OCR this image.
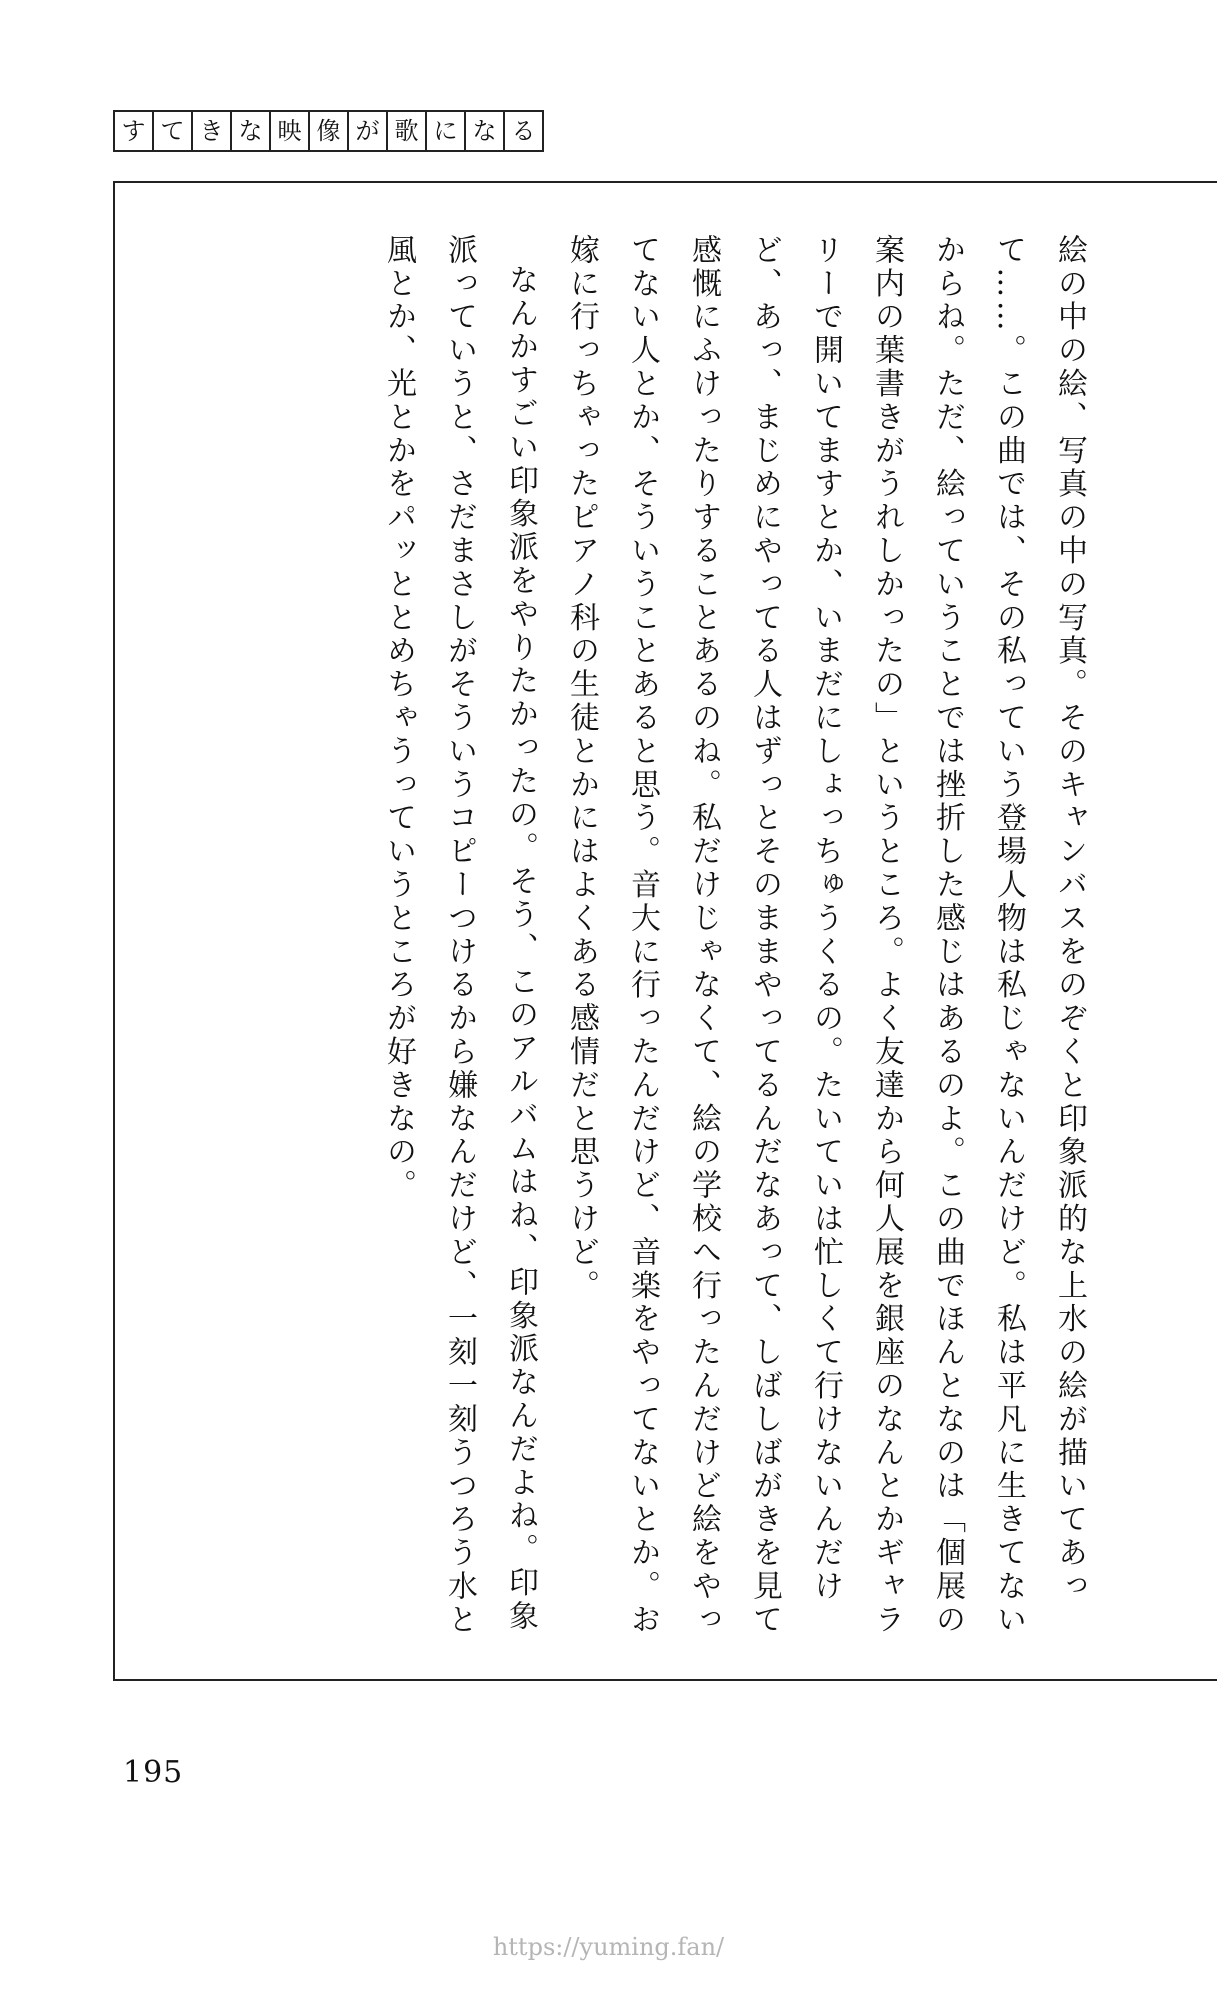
す て き な 映 像 が 歌 に な る

絵の中の絵、写真の中の写真。そのキャンバスをのぞくと印象派的な上水の絵が描いてあって……。この曲では、その私っていう登場人物は私じゃないんだけど。私は平凡に生きてないからね。ただ、絵っていうことでは挫折した感じはあるのよ。この曲でほんとなのは「個展の案内の葉書きがうれしかったの」というところ。よく友達から何人展を銀座のなんとかギャラリーで開いてますとか、いまだにしょっちゅうくるの。たいていは忙しくて行けないんだけど、あっ、まじめにやってる人はずっとそのままやってるんだなあって、しばしばがきを見て感慨にふけったりすることあるのね。私だけじゃなくて、絵の学校へ行ったんだけど絵をやってない人とか、そういうことあると思う。音大に行ったんだけど、音楽をやってないとか。お嫁に行っちゃったピアノ科の生徒とかにはよくある感情だと思うけど。

なんかすごい印象派をやりたかったの。そう、このアルバムはね、印象派なんだよね。印象派っていうと、さだまさしがそういうコピーつけるから嫌なんだけど、一刻一刻うつろう水と風とか、光とかをパッととめちゃうっていうところが好きなの。

195
https://yuming.fan/
